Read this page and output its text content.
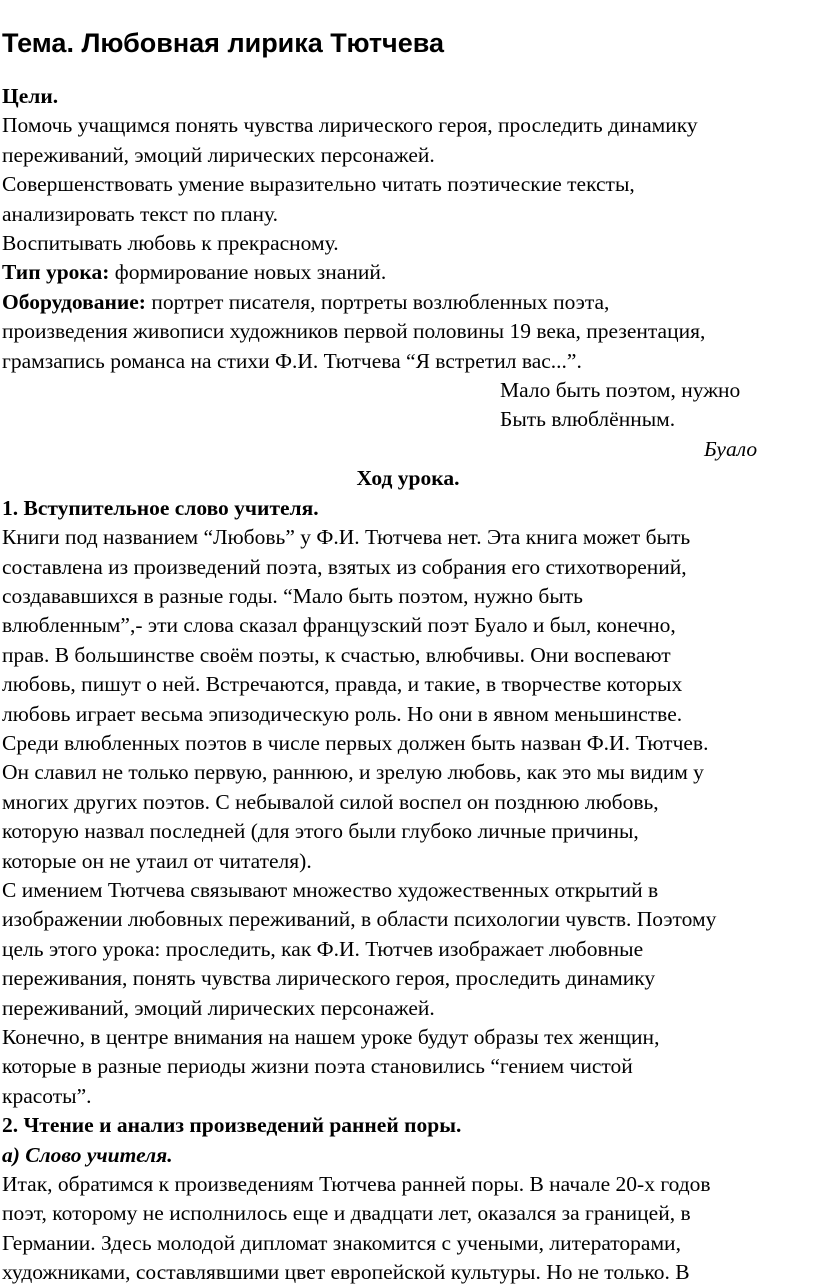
Тема. Любовная лирика Тютчева
Цели.
Помочь учащимся понять чувства лирического героя, проследить динамику
переживаний, эмоций лирических персонажей.
Совершенствовать умение выразительно читать поэтические тексты,
анализировать текст по плану.
Воспитывать любовь к прекрасному.
Тип урока: формирование новых знаний.
Оборудование: портрет писателя, портреты возлюбленных поэта,
произведения живописи художников первой половины 19 века, презентация,
грамзапись романса на стихи Ф.И. Тютчева “Я встретил вас...”.
Мало быть поэтом, нужно
Быть влюблённым.
Буало
Ход урока.
1. Вступительное слово учителя.
Книги под названием “Любовь” у Ф.И. Тютчева нет. Эта книга может быть
составлена из произведений поэта, взятых из собрания его стихотворений,
создававшихся в разные годы. “Мало быть поэтом, нужно быть
влюбленным”,- эти слова сказал французский поэт Буало и был, конечно,
прав. В большинстве своём поэты, к счастью, влюбчивы. Они воспевают
любовь, пишут о ней. Встречаются, правда, и такие, в творчестве которых
любовь играет весьма эпизодическую роль. Но они в явном меньшинстве.
Среди влюбленных поэтов в числе первых должен быть назван Ф.И. Тютчев.
Он славил не только первую, раннюю, и зрелую любовь, как это мы видим у
многих других поэтов. С небывалой силой воспел он позднюю любовь,
которую назвал последней (для этого были глубоко личные причины,
которые он не утаил от читателя).
С имением Тютчева связывают множество художественных открытий в
изображении любовных переживаний, в области психологии чувств. Поэтому
цель этого урока: проследить, как Ф.И. Тютчев изображает любовные
переживания, понять чувства лирического героя, проследить динамику
переживаний, эмоций лирических персонажей.
Конечно, в центре внимания на нашем уроке будут образы тех женщин,
которые в разные периоды жизни поэта становились “гением чистой
красоты”.
2. Чтение и анализ произведений ранней поры.
а) Слово учителя.
Итак, обратимся к произведениям Тютчева ранней поры. В начале 20-х годов
поэт, которому не исполнилось еще и двадцати лет, оказался за границей, в
Германии. Здесь молодой дипломат знакомится с учеными, литераторами,
художниками, составлявшими цвет европейской культуры. Но не только. В
